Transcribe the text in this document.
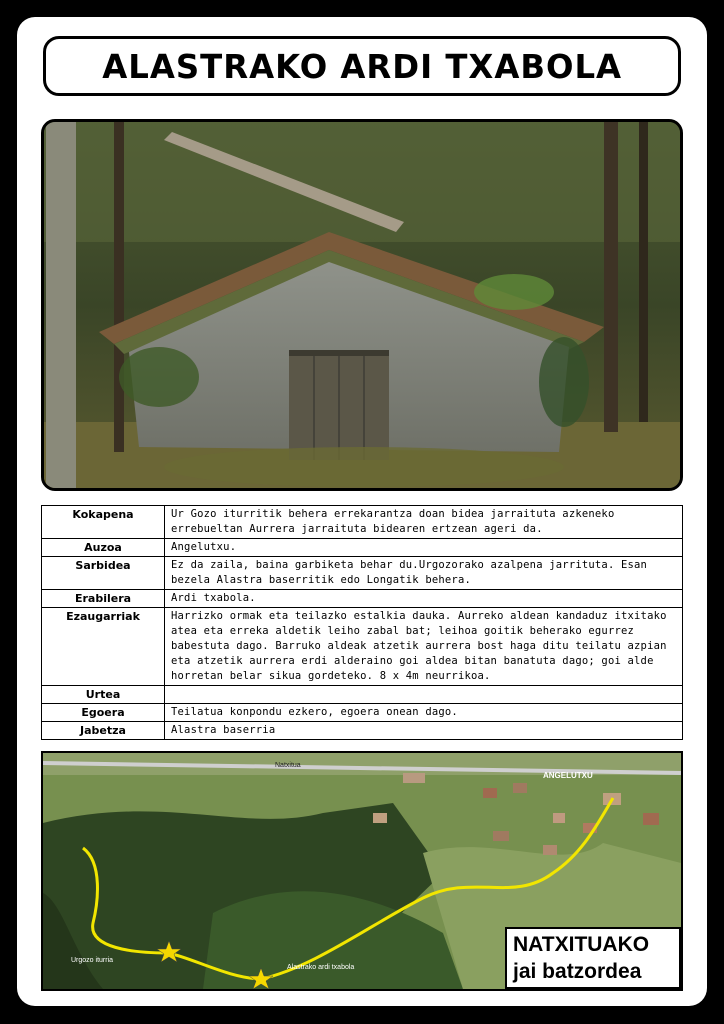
ALASTRAKO ARDI TXABOLA
Kokapena	Ur Gozo iturritik behera errekarantza doan bidea jarraituta azkeneko errebueltan Aurrera jarraituta bidearen ertzean ageri da.
Auzoa	Angelutxu.
Sarbidea	Ez da zaila, baina garbiketa behar du.Urgozorako azalpena jarrituta. Esan bezela Alastra baserritik edo Longatik behera.
Erabilera	Ardi txabola.
Ezaugarriak	Harrizko ormak eta teilazko estalkia dauka. Aurreko aldean kandaduz itxitako atea eta erreka aldetik leiho zabal bat; leihoa goitik beherako egurrez babestuta dago. Barruko aldeak atzetik aurrera bost haga ditu teilatu azpian eta atzetik aurrera erdi alderaino goi aldea bitan banatuta dago; goi alde horretan belar sikua gordeteko. 8 x 4m neurrikoa.
Urtea	
Egoera	Teilatua konpondu ezkero, egoera onean dago.
Jabetza	Alastra baserria
Natxitua
ANGELUTXU
Urgozo iturria
Alastrako ardi txabola
NATXITUAKO
jai batzordea
